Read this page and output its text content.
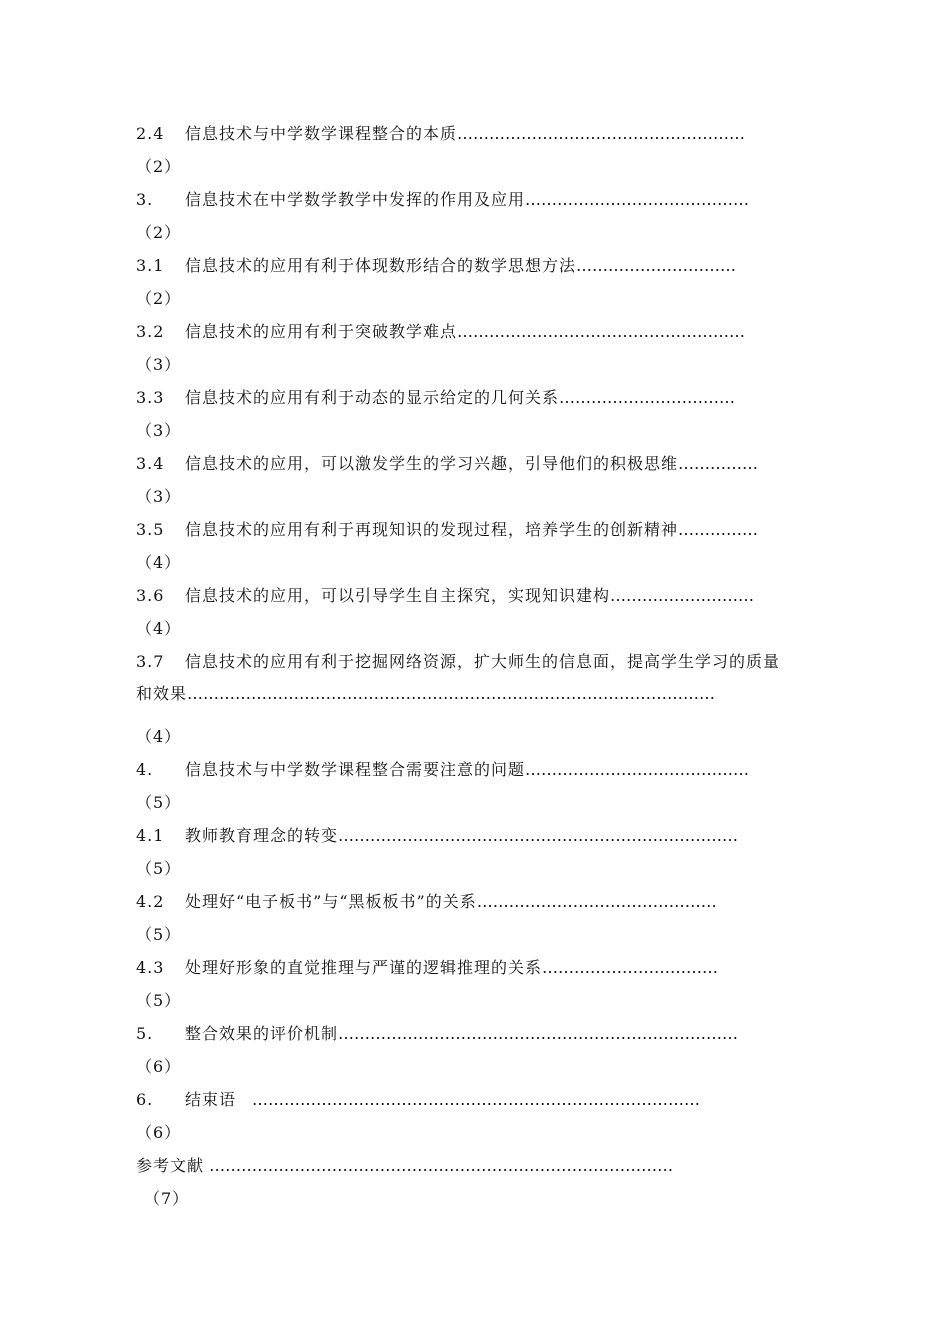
2.4 信息技术与中学数学课程整合的本质………………………………………………
（2）
3. 信息技术在中学数学教学中发挥的作用及应用……………………………………
（2）
3.1 信息技术的应用有利于体现数形结合的数学思想方法…………………………
（2）
3.2 信息技术的应用有利于突破教学难点………………………………………………
（3）
3.3 信息技术的应用有利于动态的显示给定的几何关系……………………………
（3）
3.4 信息技术的应用，可以激发学生的学习兴趣，引导他们的积极思维……………
（3）
3.5 信息技术的应用有利于再现知识的发现过程，培养学生的创新精神……………
（4）
3.6 信息技术的应用，可以引导学生自主探究，实现知识建构………………………
（4）
3.7 信息技术的应用有利于挖掘网络资源，扩大师生的信息面，提高学生学习的质量
和效果………………………………………………………………………………………
（4）
4. 信息技术与中学数学课程整合需要注意的问题……………………………………
（5）
4.1 教师教育理念的转变…………………………………………………………………
（5）
4.2 处理好“电子板书”与“黑板板书”的关系………………………………………
（5）
4.3 处理好形象的直觉推理与严谨的逻辑推理的关系……………………………
（5）
5. 整合效果的评价机制…………………………………………………………………
（6）
6. 结束语　…………………………………………………………………………
（6）
参考文献 ……………………………………………………………………………
（7）
